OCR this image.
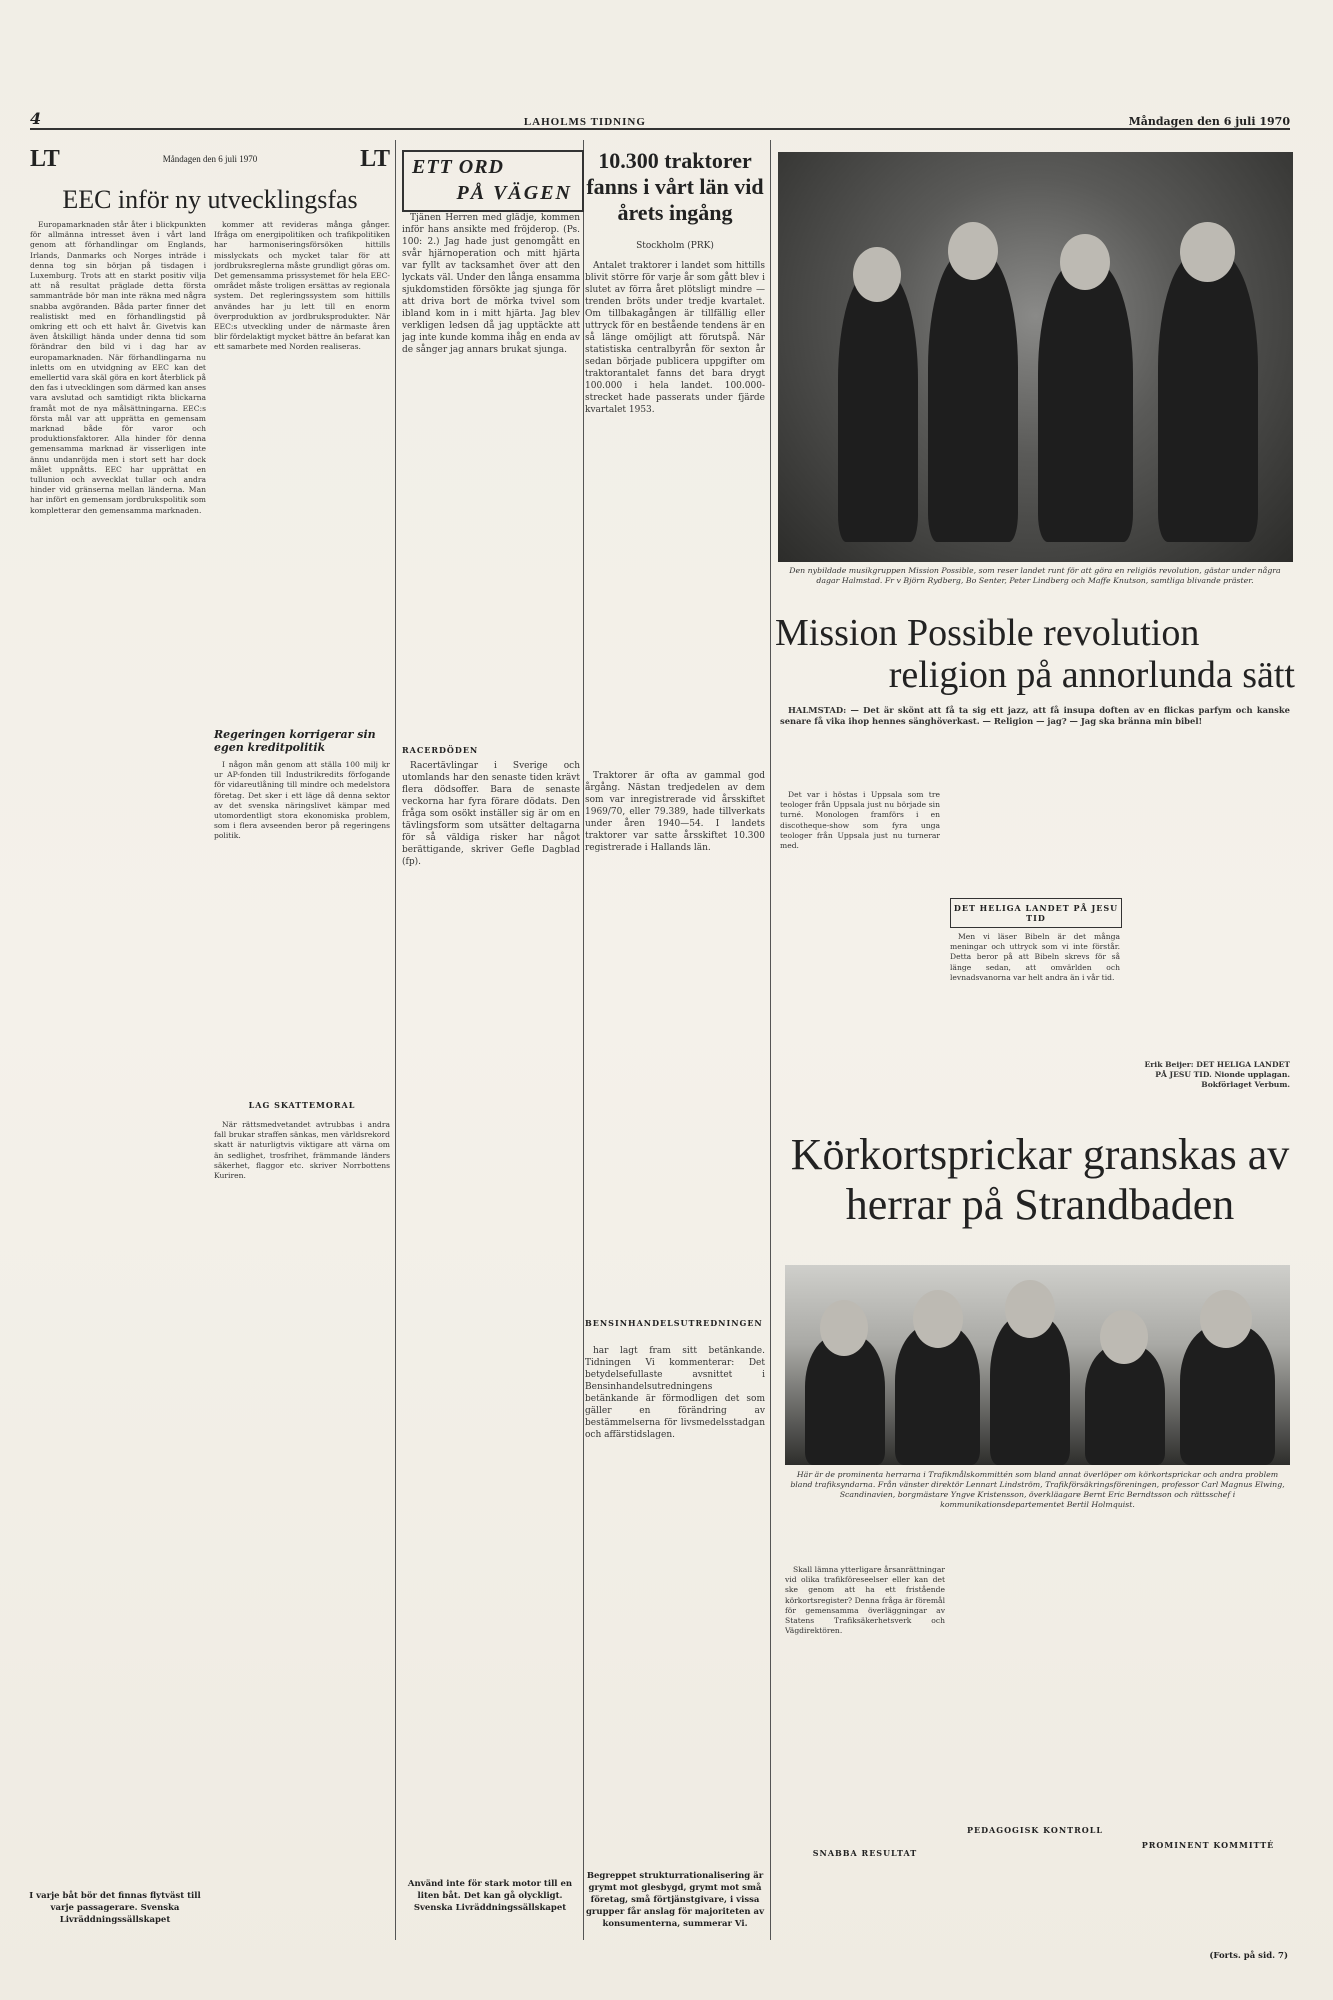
4	LAHOLMS TIDNING	Måndagen den 6 juli 1970
LT	Måndagen den 6 juli 1970	LT
EEC inför ny utvecklingsfas

Europamarknaden står åter i blickpunkten för allmänna intresset även i vårt land genom att förhandlingar om Englands, Irlands, Danmarks och Norges inträde i denna tog sin början på tisdagen i Luxemburg. Trots att en starkt positiv vilja att nå resultat präglade detta första sammanträde bör man inte räkna med några snabba avgöranden. Båda parter finner det realistiskt med en förhandlingstid på omkring ett och ett halvt år. Givetvis kan även åtskilligt hända under denna tid som förändrar den bild vi i dag har av europamarknaden. När förhandlingarna nu inletts om en utvidgning av EEC kan det emellertid vara skäl göra en kort återblick på den fas i utvecklingen som därmed kan anses vara avslutad och samtidigt rikta blickarna framåt mot de nya målsättningarna. EEC:s första mål var att upprätta en gemensam marknad både för varor och produktionsfaktorer. Alla hinder för denna gemensamma marknad är visserligen inte ännu undanröjda men i stort sett har dock målet uppnåtts. EEC har upprättat en tullunion och avvecklat tullar och andra hinder vid gränserna mellan länderna. Man har infört en gemensam jordbrukspolitik som kompletterar den gemensamma marknaden.

kommer att revideras många gånger. Ifråga om energipolitiken och trafikpolitiken har harmoniseringsförsöken hittills misslyckats och mycket talar för att jordbruksreglerna måste grundligt göras om. Det gemensamma prissystemet för hela EEC-området måste troligen ersättas av regionala system. Det regleringssystem som hittills användes har ju lett till en enorm överproduktion av jordbruksprodukter. När EEC:s utveckling under de närmaste åren blir fördelaktigt mycket bättre än befarat kan ett samarbete med Norden realiseras.

Regeringen korrigerar sin egen kreditpolitik

I någon mån genom att ställa 100 milj kr ur AP-fonden till Industrikredits förfogande för vidareutlåning till mindre och medelstora företag. Det sker i ett läge då denna sektor av det svenska näringslivet kämpar med utomordentligt stora ekonomiska problem, som i flera avseenden beror på regeringens politik.

LAG SKATTEMORAL

När rättsmedvetandet avtrubbas i andra fall brukar straffen sänkas, men världsrekord skatt är naturligtvis viktigare att värna om än sedlighet, trosfrihet, främmande länders säkerhet, flaggor etc. skriver Norrbottens Kuriren.

I varje båt bör det finnas flytväst till varje passagerare. Svenska Livräddningssällskapet
ETT ORD
PÅ VÄGEN

Tjänen Herren med glädje, kommen inför hans ansikte med fröjderop. (Ps. 100: 2.) Jag hade just genomgått en svår hjärnoperation och mitt hjärta var fyllt av tacksamhet över att den lyckats väl. Under den långa ensamma sjukdomstiden försökte jag sjunga för att driva bort de mörka tvivel som ibland kom in i mitt hjärta. Jag blev verkligen ledsen då jag upptäckte att jag inte kunde komma ihåg en enda av de sånger jag annars brukat sjunga.

RACERDÖDEN

Racertävlingar i Sverige och utomlands har den senaste tiden krävt flera dödsoffer. Bara de senaste veckorna har fyra förare dödats. Den fråga som osökt inställer sig är om en tävlingsform som utsätter deltagarna för så väldiga risker har något berättigande, skriver Gefle Dagblad (fp).

BENSINHANDELSUTREDNINGEN

har lagt fram sitt betänkande. Tidningen Vi kommenterar: Det betydelsefullaste avsnittet i Bensinhandelsutredningens betänkande är förmodligen det som gäller en förändring av bestämmelserna för livsmedelsstadgan och affärstidslagen.

Använd inte för stark motor till en liten båt. Det kan gå olyckligt. Svenska Livräddningssällskapet
10.300 traktorer fanns i vårt län vid årets ingång
Stockholm (PRK)

Antalet traktorer i landet som hittills blivit större för varje år som gått blev i slutet av förra året plötsligt mindre — trenden bröts under tredje kvartalet. Om tillbakagången är tillfällig eller uttryck för en bestående tendens är en så länge omöjligt att förutspå. När statistiska centralbyrån för sexton år sedan började publicera uppgifter om traktorantalet fanns det bara drygt 100.000 i hela landet. 100.000-strecket hade passerats under fjärde kvartalet 1953.

Traktorer är ofta av gammal god årgång. Nästan tredjedelen av dem som var inregistrerade vid årsskiftet 1969/70, eller 79.389, hade tillverkats under åren 1940—54. I landets traktorer var satte årsskiftet 10.300 registrerade i Hallands län.

Begreppet strukturrationalisering är grymt mot glesbygd, grymt mot små företag, små förtjänstgivare, i vissa grupper får anslag för majoriteten av konsumenterna, summerar Vi.
Den nybildade musikgruppen Mission Possible, som reser landet runt för att göra en religiös revolution, gästar under några dagar Halmstad. Fr v Björn Rydberg, Bo Senter, Peter Lindberg och Maffe Knutson, samtliga blivande präster.
Mission Possible revolution
religion på annorlunda sätt

HALMSTAD: — Det är skönt att få ta sig ett jazz, att få insupa doften av en flickas parfym och kanske senare få vika ihop hennes sänghöverkast. — Religion — jag? — Jag ska bränna min bibel!

Det var i höstas i Uppsala som tre teologer från Uppsala just nu började sin turné. Monologen framförs i en discotheque-show som fyra unga teologer från Uppsala just nu turnerar med.

DET HELIGA LANDET PÅ JESU TID

Men vi läser Bibeln är det många meningar och uttryck som vi inte förstår. Detta beror på att Bibeln skrevs för så länge sedan, att omvärlden och levnadsvanorna var helt andra än i vår tid.

Erik Beijer: DET HELIGA LANDET PÅ JESU TID. Nionde upplagan. Bokförlaget Verbum.

Körkortsprickar granskas av herrar på Strandbaden
Här är de prominenta herrarna i Trafikmålskommittén som bland annat överlöper om körkortsprickar och andra problem bland trafiksyndarna. Från vänster direktör Lennart Lindström, Trafikförsäkringsföreningen, professor Carl Magnus Elwing, Scandinavien, borgmästare Yngve Kristensson, överkläagare Bernt Eric Berndtsson och rättsschef i kommunikationsdepartementet Bertil Holmquist.

Skall lämna ytterligare årsanrättningar vid olika trafikföreseelser eller kan det ske genom att ha ett fristående körkortsregister? Denna fråga är föremål för gemensamma överläggningar av Statens Trafiksäkerhetsverk och Vägdirektören.

SNABBA RESULTAT
PEDAGOGISK KONTROLL
PROMINENT KOMMITTÉ
(Forts. på sid. 7)
